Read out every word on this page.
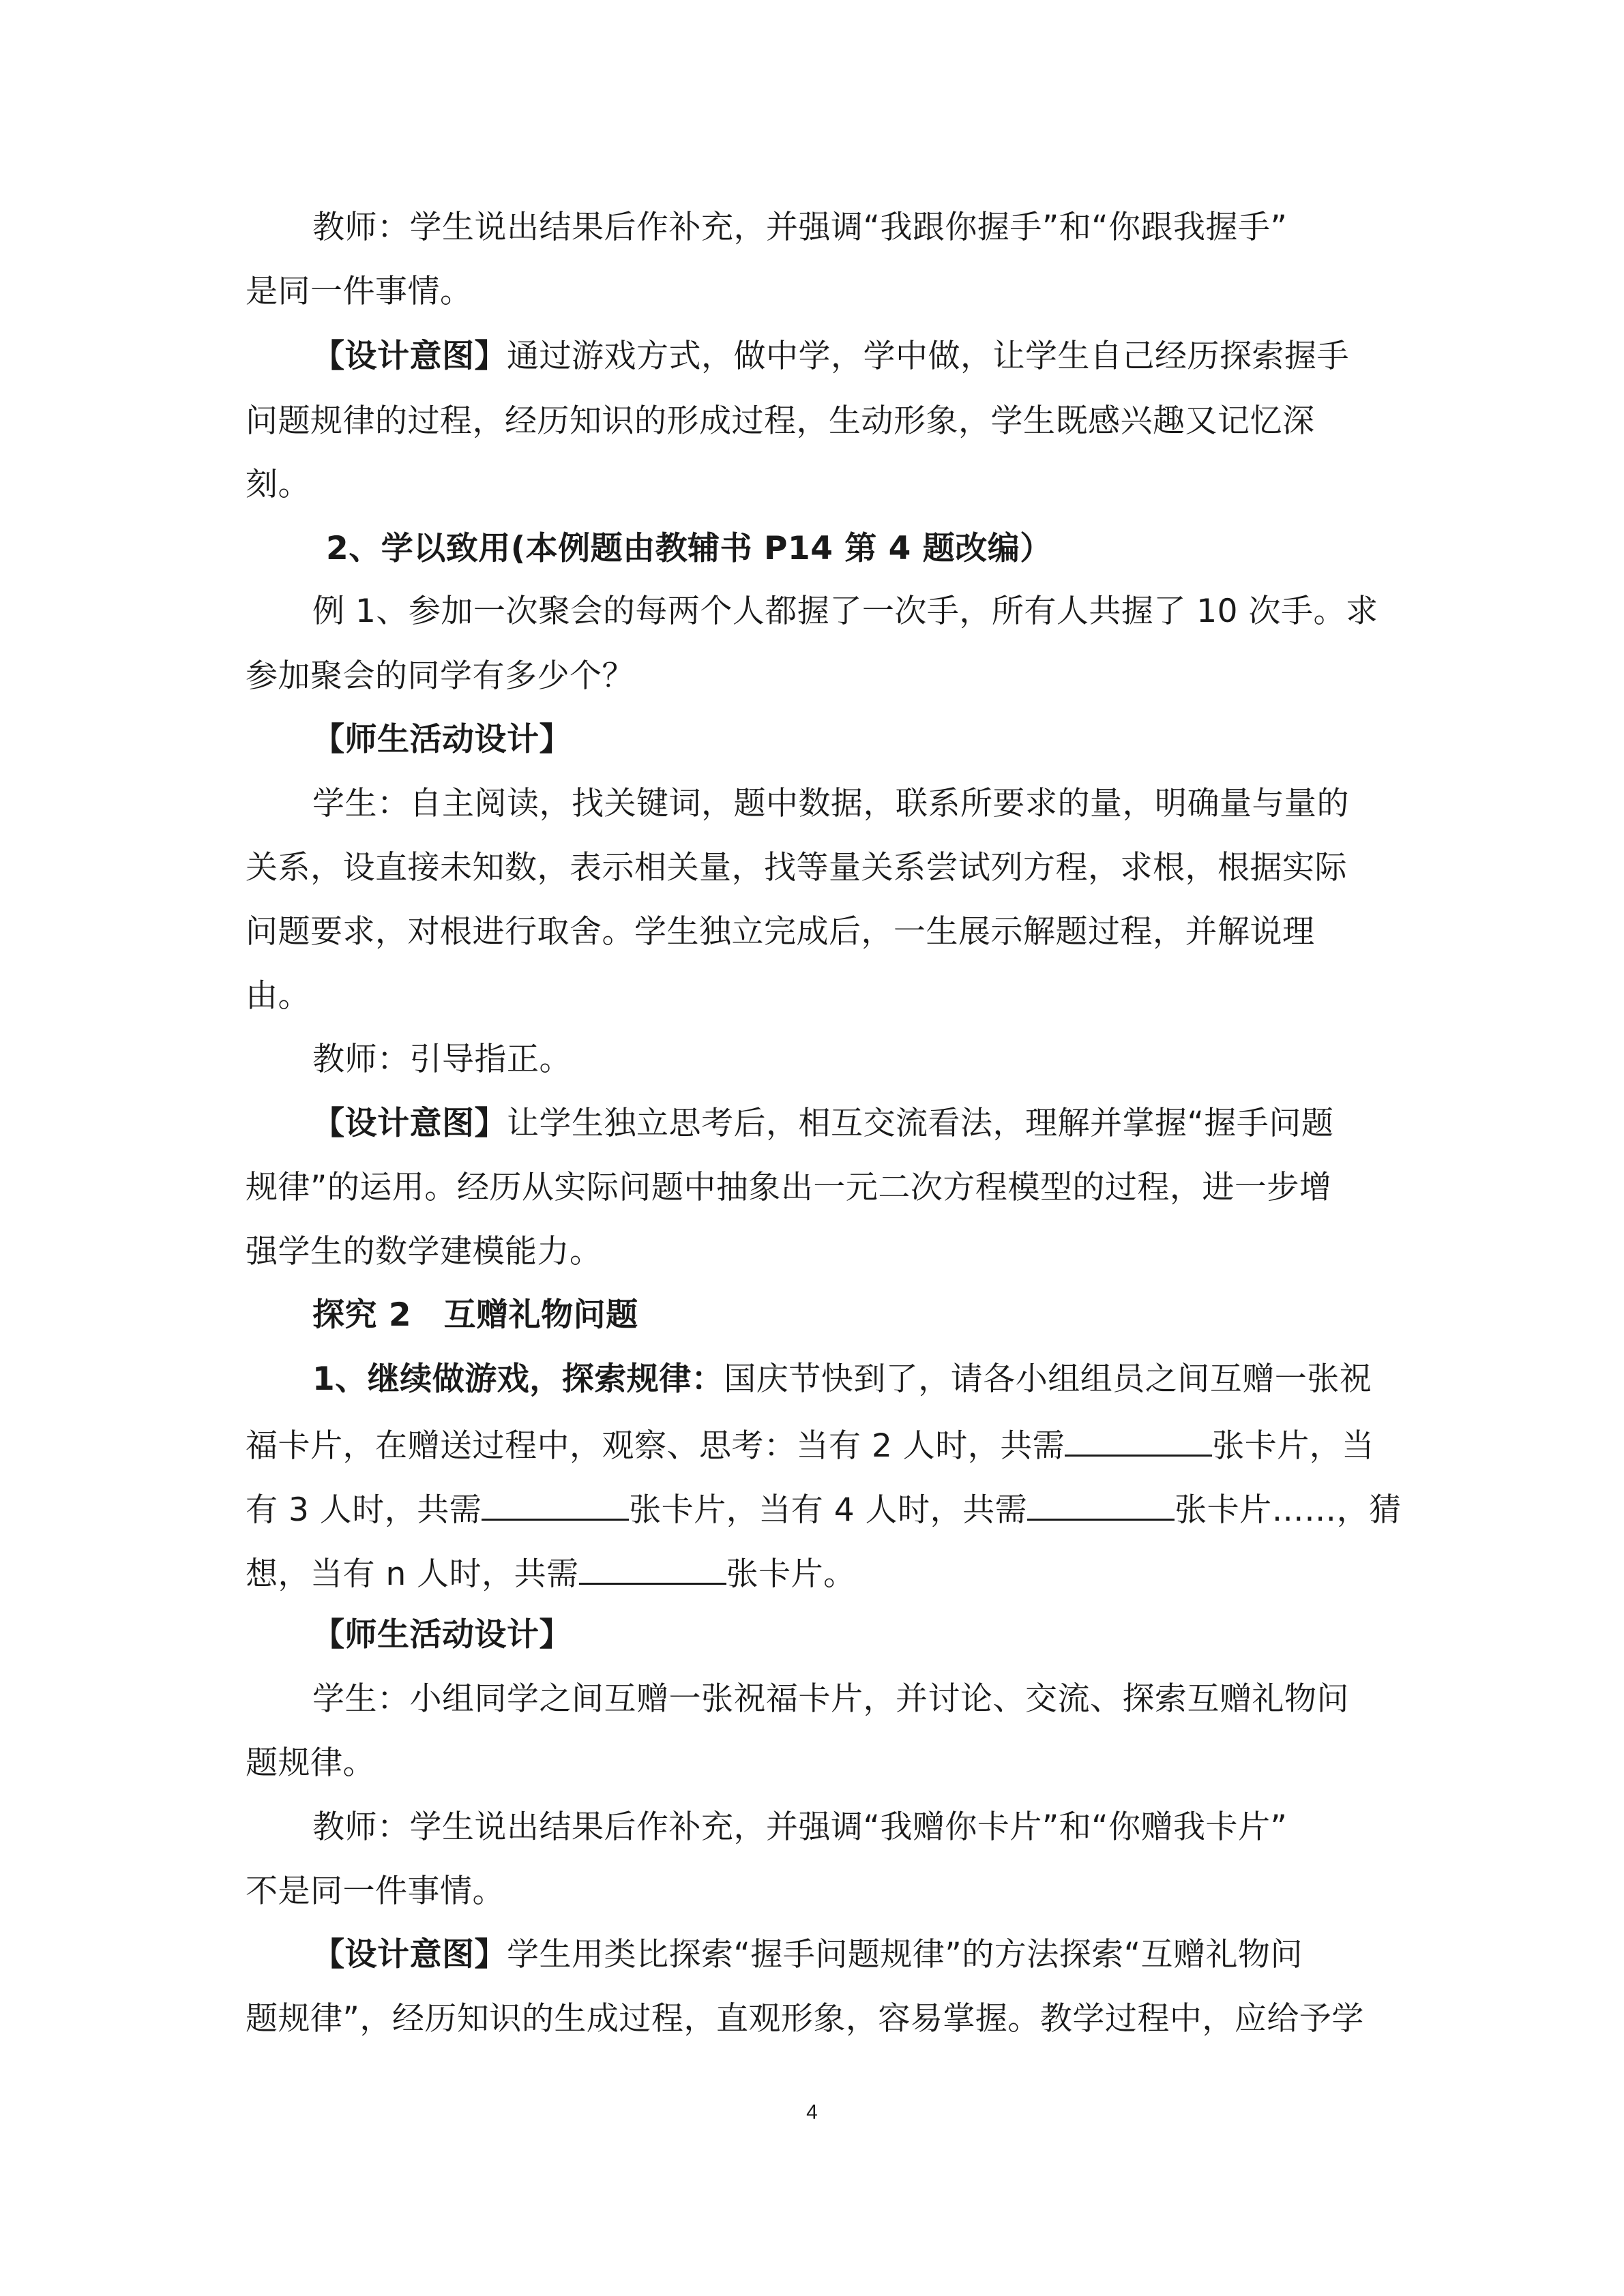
教师：学生说出结果后作补充，并强调“我跟你握手”和“你跟我握手”
是同一件事情。
【设计意图】通过游戏方式，做中学，学中做，让学生自己经历探索握手
问题规律的过程，经历知识的形成过程，生动形象，学生既感兴趣又记忆深
刻。
2、学以致用(本例题由教辅书 P14 第 4 题改编）
例 1、参加一次聚会的每两个人都握了一次手，所有人共握了 10 次手。求
参加聚会的同学有多少个？
【师生活动设计】
学生：自主阅读，找关键词，题中数据，联系所要求的量，明确量与量的
关系，设直接未知数，表示相关量，找等量关系尝试列方程，求根，根据实际
问题要求，对根进行取舍。学生独立完成后，一生展示解题过程，并解说理
由。
教师：引导指正。
【设计意图】让学生独立思考后，相互交流看法，理解并掌握“握手问题
规律”的运用。经历从实际问题中抽象出一元二次方程模型的过程，进一步增
强学生的数学建模能力。
探究 2　互赠礼物问题
1、继续做游戏，探索规律：国庆节快到了，请各小组组员之间互赠一张祝
福卡片，在赠送过程中，观察、思考：当有 2 人时，共需	张卡片，当
有 3 人时，共需	张卡片，当有 4 人时，共需	张卡片……，猜
想，当有 n 人时，共需	张卡片。
【师生活动设计】
学生：小组同学之间互赠一张祝福卡片，并讨论、交流、探索互赠礼物问
题规律。
教师：学生说出结果后作补充，并强调“我赠你卡片”和“你赠我卡片”
不是同一件事情。
【设计意图】学生用类比探索“握手问题规律”的方法探索“互赠礼物问
题规律”，经历知识的生成过程，直观形象，容易掌握。教学过程中，应给予学
4
